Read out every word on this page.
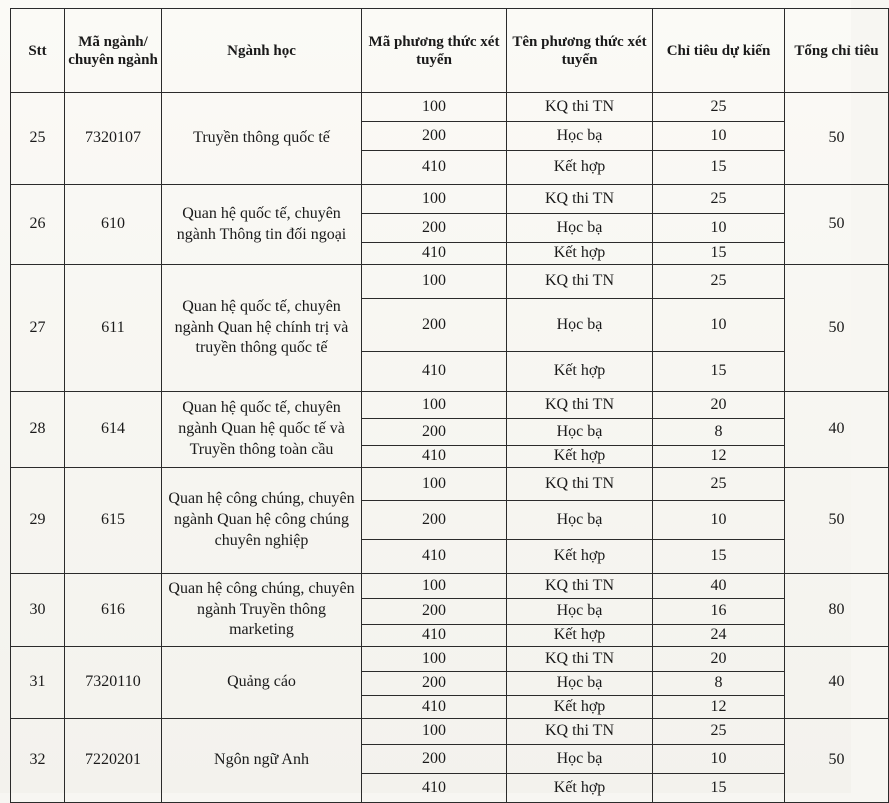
Stt	Mã ngành/ chuyên ngành	Ngành học	Mã phương thức xét tuyển	Tên phương thức xét tuyển	Chỉ tiêu dự kiến	Tổng chỉ tiêu
25	7320107	Truyền thông quốc tế	100	KQ thi TN	25	50
			200	Học bạ	10	
			410	Kết hợp	15	
26	610	Quan hệ quốc tế, chuyên ngành Thông tin đối ngoại	100	KQ thi TN	25	50
			200	Học bạ	10	
			410	Kết hợp	15	
27	611	Quan hệ quốc tế, chuyên ngành Quan hệ chính trị và truyền thông quốc tế	100	KQ thi TN	25	50
			200	Học bạ	10	
			410	Kết hợp	15	
28	614	Quan hệ quốc tế, chuyên ngành Quan hệ quốc tế và Truyền thông toàn cầu	100	KQ thi TN	20	40
			200	Học bạ	8	
			410	Kết hợp	12	
29	615	Quan hệ công chúng, chuyên ngành Quan hệ công chúng chuyên nghiệp	100	KQ thi TN	25	50
			200	Học bạ	10	
			410	Kết hợp	15	
30	616	Quan hệ công chúng, chuyên ngành Truyền thông marketing	100	KQ thi TN	40	80
			200	Học bạ	16	
			410	Kết hợp	24	
31	7320110	Quảng cáo	100	KQ thi TN	20	40
			200	Học bạ	8	
			410	Kết hợp	12	
32	7220201	Ngôn ngữ Anh	100	KQ thi TN	25	50
			200	Học bạ	10	
			410	Kết hợp	15	
